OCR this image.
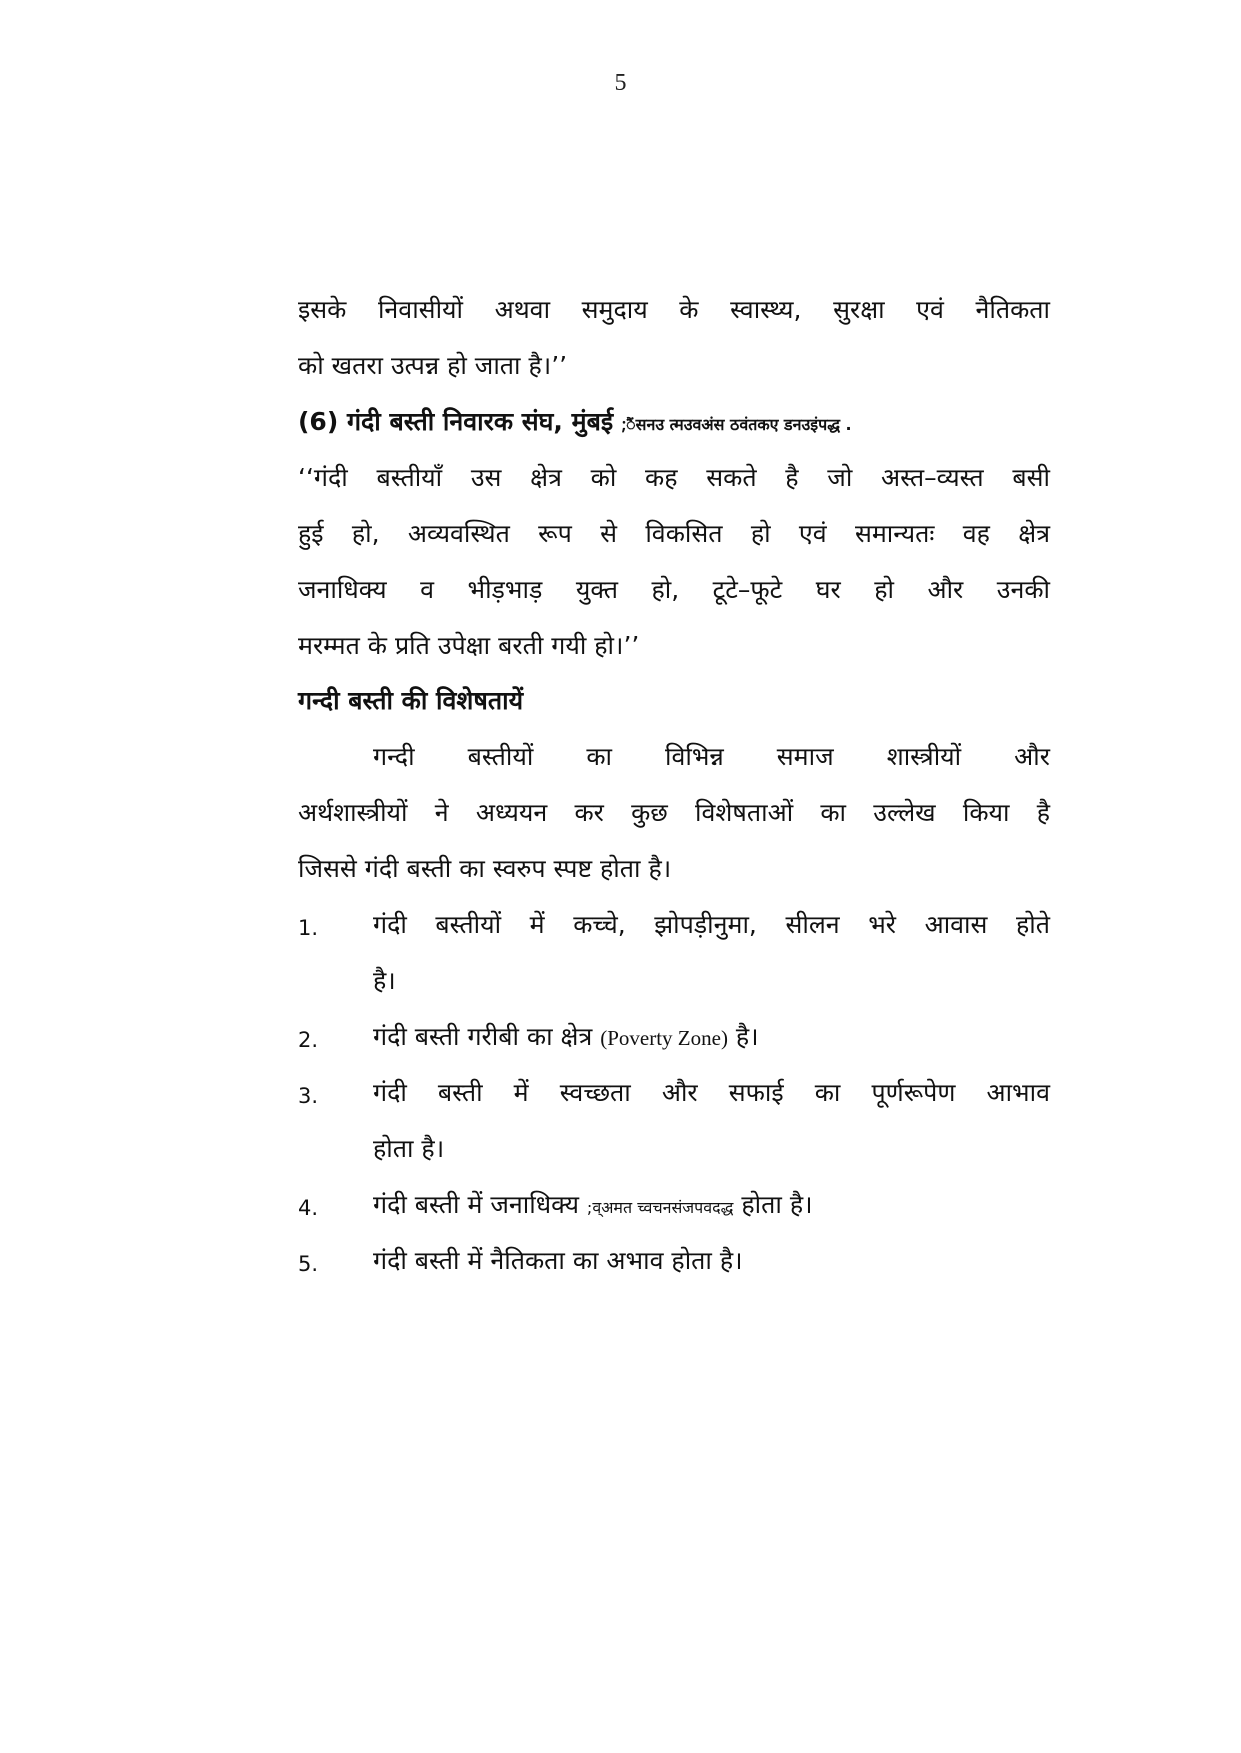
5
इसके निवासीयों अथवा समुदाय के स्वास्थ्य, सुरक्षा एवं नैतिकता
को खतरा उत्पन्न हो जाता है।’’
(6) गंदी बस्ती निवारक संघ, मुंबई ;ैंसनउ त्मउवअंस ठवंतकए डनउइंपद्ध .
‘‘गंदी बस्तीयाँ उस क्षेत्र को कह सकते है जो अस्त–व्यस्त बसी
हुई हो, अव्यवस्थित रूप से विकसित हो एवं समान्यतः वह क्षेत्र
जनाधिक्य व भीड़भाड़ युक्त हो, टूटे–फूटे घर हो और उनकी
मरम्मत के प्रति उपेक्षा बरती गयी हो।’’
गन्दी बस्ती की विशेषतायें
गन्दी बस्तीयों का विभिन्न समाज शास्त्रीयों और
अर्थशास्त्रीयों ने अध्ययन कर कुछ विशेषताओं का उल्लेख किया है
जिससे गंदी बस्ती का स्वरुप स्पष्ट होता है।
1. गंदी बस्तीयों में कच्चे, झोपड़ीनुमा, सीलन भरे आवास होते
है।
2. गंदी बस्ती गरीबी का क्षेत्र (Poverty Zone) है।
3. गंदी बस्ती में स्वच्छता और सफाई का पूर्णरूपेण आभाव
होता है।
4. गंदी बस्ती में जनाधिक्य ;व्अमत च्वचनसंजपवदद्ध होता है।
5. गंदी बस्ती में नैतिकता का अभाव होता है।
